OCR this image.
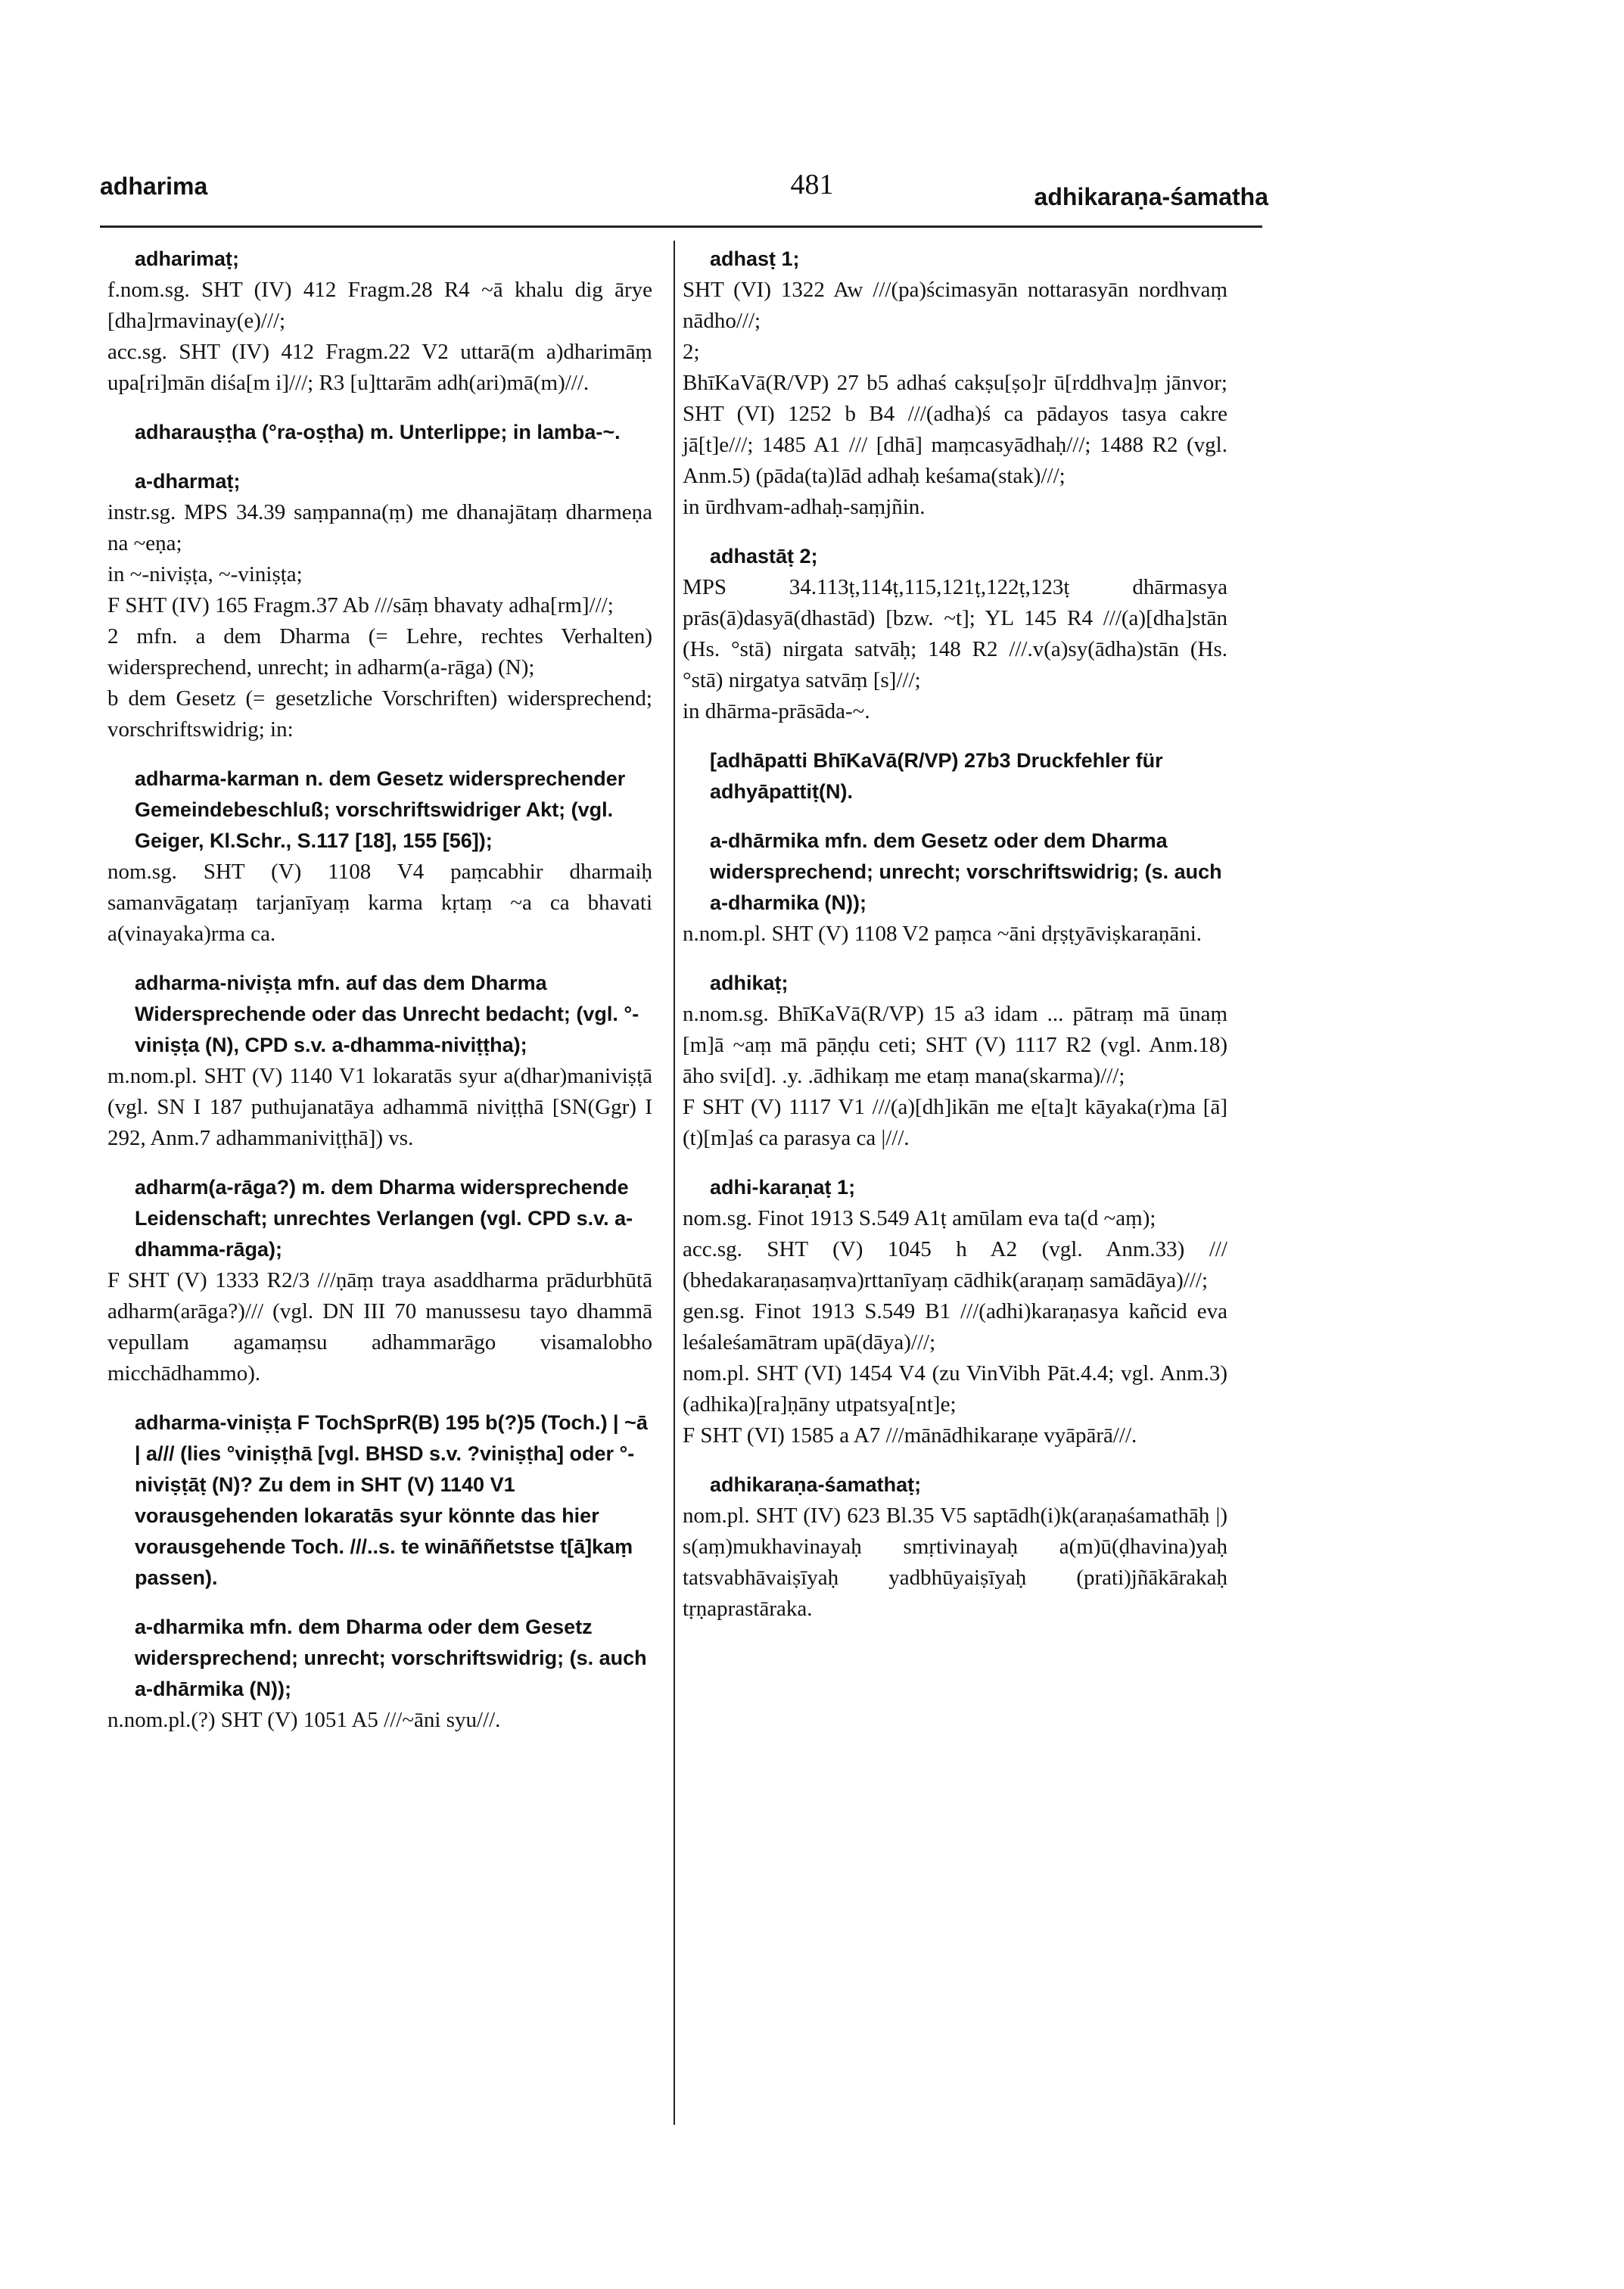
adharima	481	adhikaraṇa-śamatha
adharimaṭ;
f.nom.sg. SHT (IV) 412 Fragm.28 R4 ~ā khalu dig ārye [dha]rmavinay(e)///;
acc.sg. SHT (IV) 412 Fragm.22 V2 uttarā(m a)dharimāṃ upa[ri]mān diśa[m i]///; R3 [u]ttarām adh(ari)mā(m)///.
adharauṣṭha (°ra-oṣṭha) m. Unterlippe; in lamba-~.
a-dharmaṭ;
instr.sg. MPS 34.39 saṃpanna(ṃ) me dhanajātaṃ dharmeṇa na ~eṇa;
in ~-niviṣṭa, ~-viniṣṭa;
F SHT (IV) 165 Fragm.37 Ab ///sāṃ bhavaty adha[rm]///;
2 mfn. a dem Dharma (= Lehre, rechtes Verhalten) widersprechend, unrecht; in adharm(a-rāga) (N);
b dem Gesetz (= gesetzliche Vorschriften) widersprechend; vorschriftswidrig; in:
adharma-karman n. dem Gesetz widersprechender Gemeindebeschluß; vorschriftswidriger Akt; (vgl. Geiger, Kl.Schr., S.117 [18], 155 [56]);
nom.sg. SHT (V) 1108 V4 paṃcabhir dharmaiḥ samanvāgataṃ tarjanīyaṃ karma kṛtaṃ ~a ca bhavati a(vinayaka)rma ca.
adharma-niviṣṭa mfn. auf das dem Dharma Widersprechende oder das Unrecht bedacht; (vgl. °-viniṣṭa (N), CPD s.v. a-dhamma-niviṭṭha);
m.nom.pl. SHT (V) 1140 V1 lokaratās syur a(dhar)maniviṣṭā (vgl. SN I 187 puthujanatāya adhammā niviṭṭhā [SN(Ggr) I 292, Anm.7 adhammaniviṭṭhā]) vs.
adharm(a-rāga?) m. dem Dharma widersprechende Leidenschaft; unrechtes Verlangen (vgl. CPD s.v. a-dhamma-rāga);
F SHT (V) 1333 R2/3 ///ṇāṃ traya asaddharma prādurbhūtā adharm(arāga?)/// (vgl. DN III 70 manussesu tayo dhammā vepullam agamaṃsu adhammarāgo visamalobho micchādhammo).
adharma-viniṣṭa F TochSprR(B) 195 b(?)5 (Toch.) | ~ā | a/// (lies °viniṣṭhā [vgl. BHSD s.v. ?viniṣṭha] oder °-niviṣṭāṭ (N)? Zu dem in SHT (V) 1140 V1 vorausgehenden lokaratās syur könnte das hier vorausgehende Toch. ///..s. te wināññetstse t[ā]kaṃ passen).
a-dharmika mfn. dem Dharma oder dem Gesetz widersprechend; unrecht; vorschriftswidrig; (s. auch a-dhārmika (N));
n.nom.pl.(?) SHT (V) 1051 A5 ///~āni syu///.
adhasṭ 1;
SHT (VI) 1322 Aw ///(pa)ścimasyān nottarasyān nordhvaṃ nādho///;
2;
BhīKaVā(R/VP) 27 b5 adhaś cakṣu[ṣo]r ū[rddhva]ṃ jānvor; SHT (VI) 1252 b B4 ///(adha)ś ca pādayos tasya cakre jā[t]e///; 1485 A1 /// [dhā] maṃcasyādhaḥ///; 1488 R2 (vgl. Anm.5) (pāda(ta)lād adhaḥ keśama(stak)///;
in ūrdhvam-adhaḥ-saṃjñin.
adhastāṭ 2;
MPS 34.113ṭ,114ṭ,115,121ṭ,122ṭ,123ṭ dhārmasya prās(ā)dasyā(dhastād) [bzw. ~t]; YL 145 R4 ///(a)[dha]stān (Hs. °stā) nirgata satvāḥ; 148 R2 ///.v(a)sy(ādha)stān (Hs. °stā) nirgatya satvāṃ [s]///;
in dhārma-prāsāda-~.
[adhāpatti BhīKaVā(R/VP) 27b3 Druckfehler für adhyāpattiṭ(N).
a-dhārmika mfn. dem Gesetz oder dem Dharma widersprechend; unrecht; vorschriftswidrig; (s. auch a-dharmika (N));
n.nom.pl. SHT (V) 1108 V2 paṃca ~āni dṛṣṭyāviṣkaraṇāni.
adhikaṭ;
n.nom.sg. BhīKaVā(R/VP) 15 a3 idam ... pātraṃ mā ūnaṃ [m]ā ~aṃ mā pāṇḍu ceti; SHT (V) 1117 R2 (vgl. Anm.18) āho svi[d]. .y. .ādhikaṃ me etaṃ mana(skarma)///;
F SHT (V) 1117 V1 ///(a)[dh]ikān me e[ta]t kāyaka(r)ma [ā](t)[m]aś ca parasya ca |///.
adhi-karaṇaṭ 1;
nom.sg. Finot 1913 S.549 A1ṭ amūlam eva ta(d ~aṃ);
acc.sg. SHT (V) 1045 h A2 (vgl. Anm.33) /// (bhedakaraṇasaṃva)rttanīyaṃ cādhik(araṇaṃ samādāya)///;
gen.sg. Finot 1913 S.549 B1 ///(adhi)karaṇasya kañcid eva leśaleśamātram upā(dāya)///;
nom.pl. SHT (VI) 1454 V4 (zu VinVibh Pāt.4.4; vgl. Anm.3) (adhika)[ra]ṇāny utpatsya[nt]e;
F SHT (VI) 1585 a A7 ///mānādhikaraṇe vyāpārā///.
adhikaraṇa-śamathaṭ;
nom.pl. SHT (IV) 623 Bl.35 V5 saptādh(i)k(araṇaśamathāḥ |) s(aṃ)mukhavinayaḥ smṛtivinayaḥ a(m)ū(ḍhavina)yaḥ tatsvabhāvaiṣīyaḥ yadbhūyaiṣīyaḥ (prati)jñākārakaḥ tṛṇaprastāraka.
